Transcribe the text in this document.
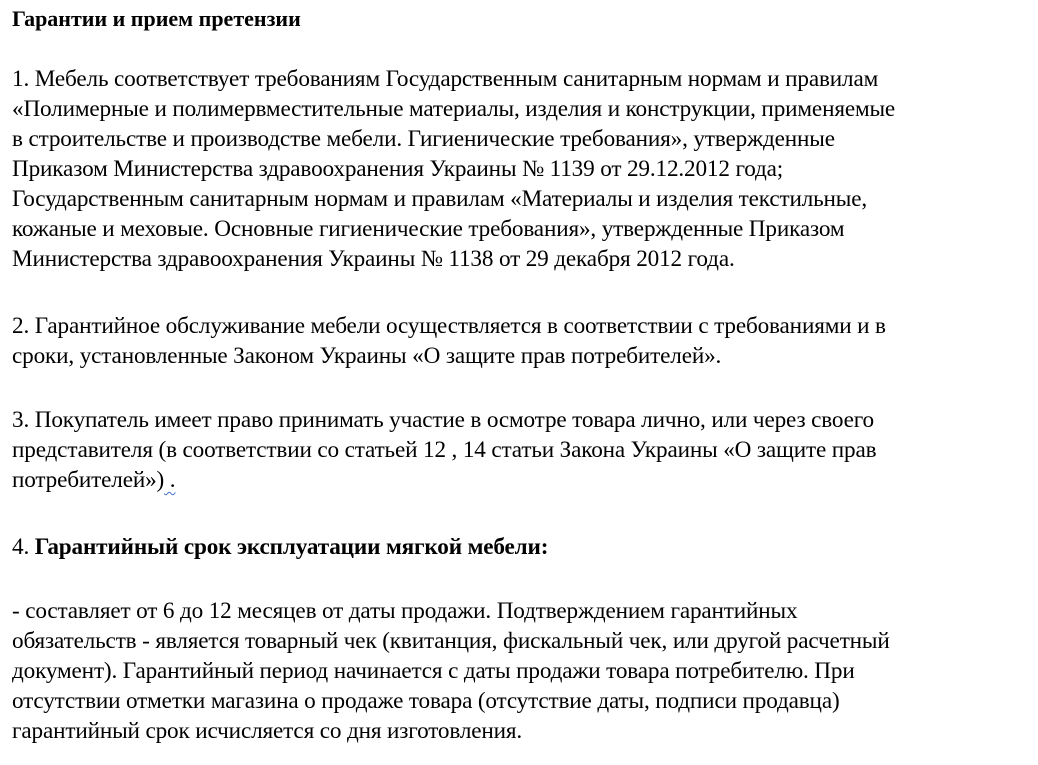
Гарантии и прием претензии
1. Мебель соответствует требованиям Государственным санитарным нормам и правилам
«Полимерные и полимервместительные материалы, изделия и конструкции, применяемые
в строительстве и производстве мебели. Гигиенические требования», утвержденные
Приказом Министерства здравоохранения Украины № 1139 от 29.12.2012 года;
Государственным санитарным нормам и правилам «Материалы и изделия текстильные,
кожаные и меховые. Основные гигиенические требования», утвержденные Приказом
Министерства здравоохранения Украины № 1138 от 29 декабря 2012 года.
2. Гарантийное обслуживание мебели осуществляется в соответствии с требованиями и в
сроки, установленные Законом Украины «О защите прав потребителей».
3. Покупатель имеет право принимать участие в осмотре товара лично, или через своего
представителя (в соответствии со статьей 12 , 14 статьи Закона Украины «О защите прав
потребителей») .
4. Гарантийный срок эксплуатации мягкой мебели:
- составляет от 6 до 12 месяцев от даты продажи. Подтверждением гарантийных
обязательств - является товарный чек (квитанция, фискальный чек, или другой расчетный
документ). Гарантийный период начинается с даты продажи товара потребителю. При
отсутствии отметки магазина о продаже товара (отсутствие даты, подписи продавца)
гарантийный срок исчисляется со дня изготовления.
